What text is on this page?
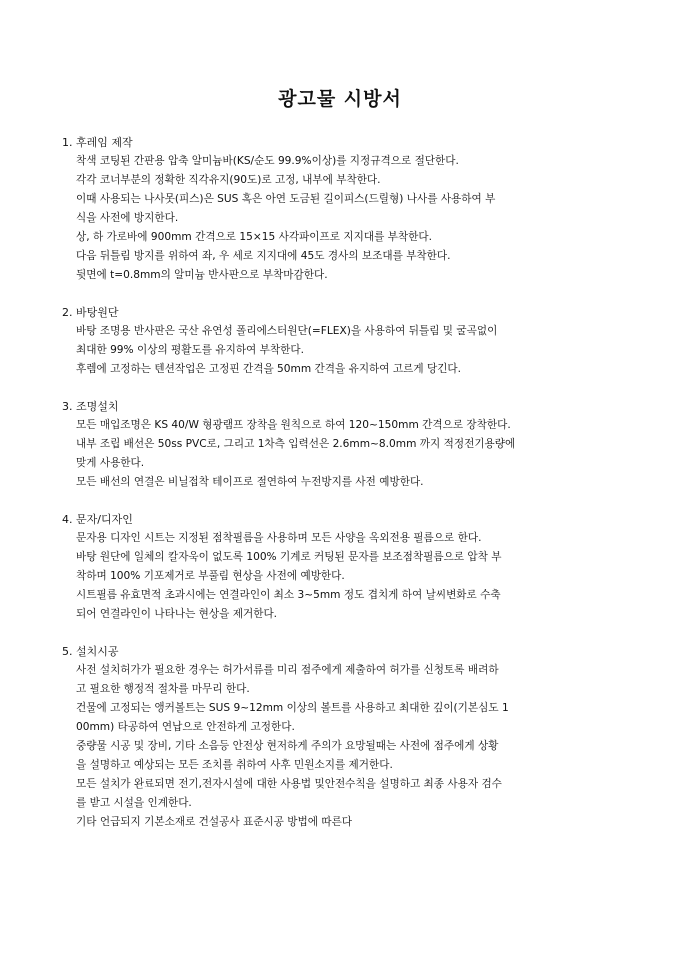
광고물 시방서
1. 후레임 제작
착색 코팅된 간판용 압축 알미늄바(KS/순도 99.9%이상)를 지정규격으로 절단한다.
각각 코너부분의 정확한 직각유지(90도)로 고정, 내부에 부착한다.
이때 사용되는 나사못(피스)은 SUS 혹은 아연 도금된 길이피스(드릴형) 나사를 사용하여 부
식을 사전에 방지한다.
상, 하 가로바에 900mm 간격으로 15×15 사각파이프로 지지대를 부착한다.
다음 뒤틀림 방지를 위하여 좌, 우 세로 지지대에 45도 경사의 보조대를 부착한다.
뒷면에 t=0.8mm의 알미늄 반사판으로 부착마감한다.
2. 바탕원단
바탕 조명용 반사판은 국산 유연성 폴리에스터원단(=FLEX)을 사용하여 뒤틀림 및 굴곡없이
최대한 99% 이상의 평활도를 유지하여 부착한다.
후렘에 고정하는 텐션작업은 고정핀 간격을 50mm 간격을 유지하여 고르게 당긴다.
3. 조명설치
모든 매입조명은 KS 40/W 형광램프 장착을 원칙으로 하여 120~150mm 간격으로 장착한다.
내부 조립 배선은 50ss PVC로, 그리고 1차측 입력선은 2.6mm~8.0mm 까지 적정전기용량에
맞게 사용한다.
모든 배선의 연결은 비닐접착 테이프로 절연하여 누전방지를 사전 예방한다.
4. 문자/디자인
문자용 디자인 시트는 지정된 점착필름을 사용하며 모든 사양을 옥외전용 필름으로 한다.
바탕 원단에 일체의 칼자욱이 없도록 100% 기계로 커팅된 문자를 보조점착필름으로 압착 부
착하며 100% 기포제거로 부풀림 현상을 사전에 예방한다.
시트필름 유효면적 초과시에는 연결라인이 최소 3~5mm 정도 겹치게 하여 날씨변화로 수축
되어 연결라인이 나타나는 현상을 제거한다.
5. 설치시공
사전 설치허가가 필요한 경우는 허가서류를 미리 점주에게 제출하여 허가를 신청토록 배려하
고 필요한 행정적 절차를 마무리 한다.
건물에 고정되는 앵커볼트는 SUS 9~12mm 이상의 볼트를 사용하고 최대한 깊이(기본심도 1
00mm) 타공하여 연납으로 안전하게 고정한다.
중량물 시공 및 장비, 기타 소음등 안전상 현저하게 주의가 요망될때는 사전에 점주에게 상황
을 설명하고 예상되는 모든 조치를 취하여 사후 민원소지를 제거한다.
모든 설치가 완료되면 전기,전자시설에 대한 사용법 및안전수칙을 설명하고 최종 사용자 검수
를 받고 시설을 인계한다.
기타 언급되지 기본소재로 건설공사 표준시공 방법에 따른다
